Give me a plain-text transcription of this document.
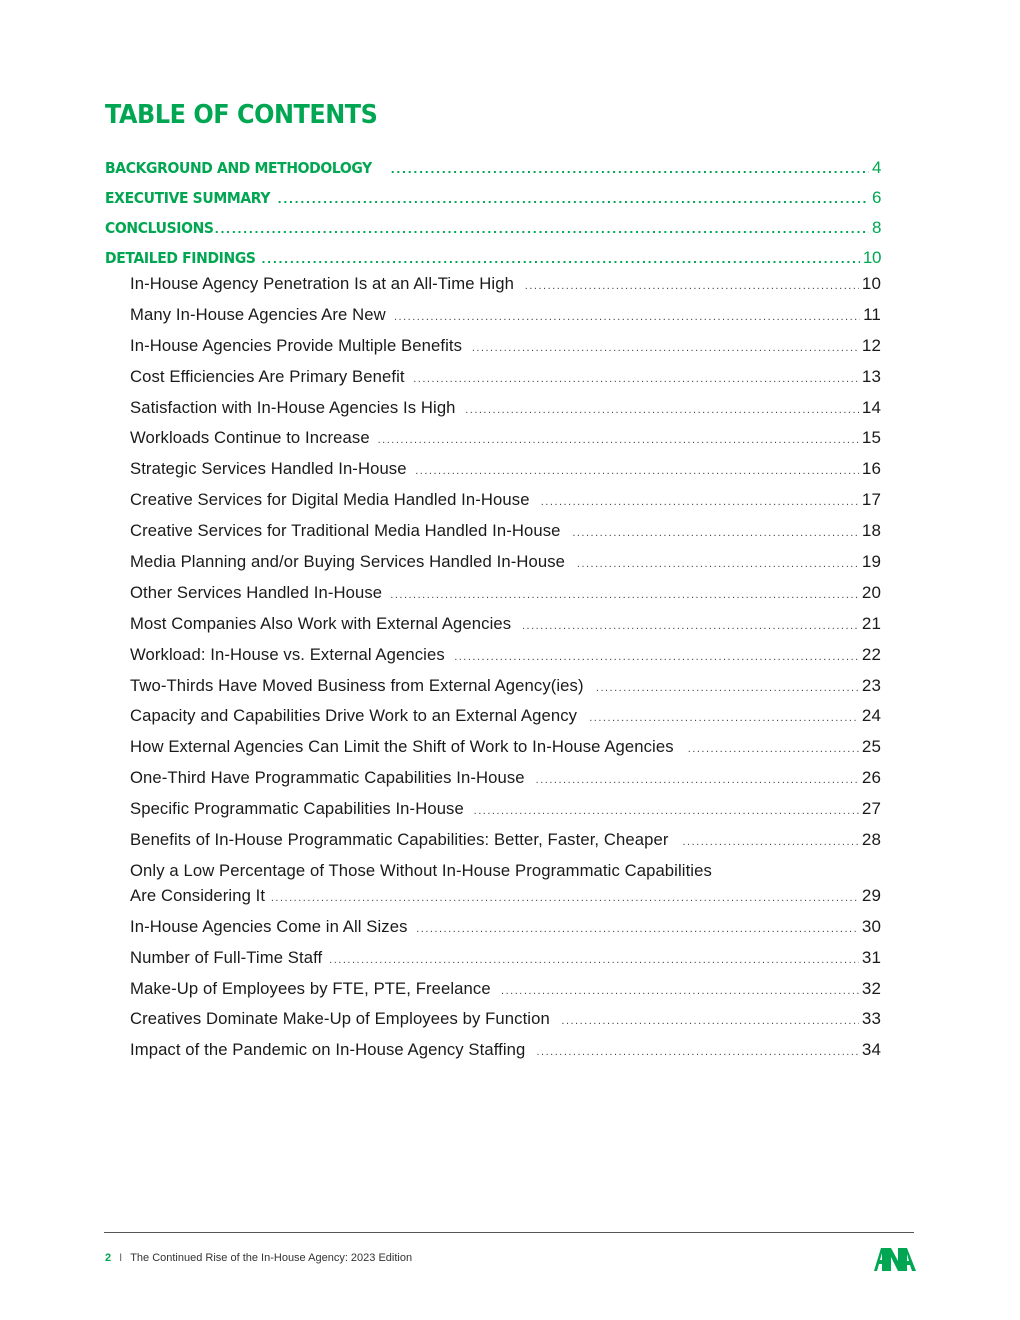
TABLE OF CONTENTS
BACKGROUND AND METHODOLOGY .....	4
EXECUTIVE SUMMARY .....	6
CONCLUSIONS .....	8
DETAILED FINDINGS .....	10
In-House Agency Penetration Is at an All-Time High .....	10
Many In-House Agencies Are New .....	11
In-House Agencies Provide Multiple Benefits .....	12
Cost Efficiencies Are Primary Benefit .....	13
Satisfaction with In-House Agencies Is High .....	14
Workloads Continue to Increase .....	15
Strategic Services Handled In-House .....	16
Creative Services for Digital Media Handled In-House .....	17
Creative Services for Traditional Media Handled In-House .....	18
Media Planning and/or Buying Services Handled In-House .....	19
Other Services Handled In-House .....	20
Most Companies Also Work with External Agencies .....	21
Workload: In-House vs. External Agencies .....	22
Two-Thirds Have Moved Business from External Agency(ies) .....	23
Capacity and Capabilities Drive Work to an External Agency .....	24
How External Agencies Can Limit the Shift of Work to In-House Agencies .....	25
One-Third Have Programmatic Capabilities In-House .....	26
Specific Programmatic Capabilities In-House .....	27
Benefits of In-House Programmatic Capabilities: Better, Faster, Cheaper .....	28
Only a Low Percentage of Those Without In-House Programmatic Capabilities
Are Considering It .....	29
In-House Agencies Come in All Sizes .....	30
Number of Full-Time Staff .....	31
Make-Up of Employees by FTE, PTE, Freelance .....	32
Creatives Dominate Make-Up of Employees by Function .....	33
Impact of the Pandemic on In-House Agency Staffing .....	34
2 I The Continued Rise of the In-House Agency: 2023 Edition
